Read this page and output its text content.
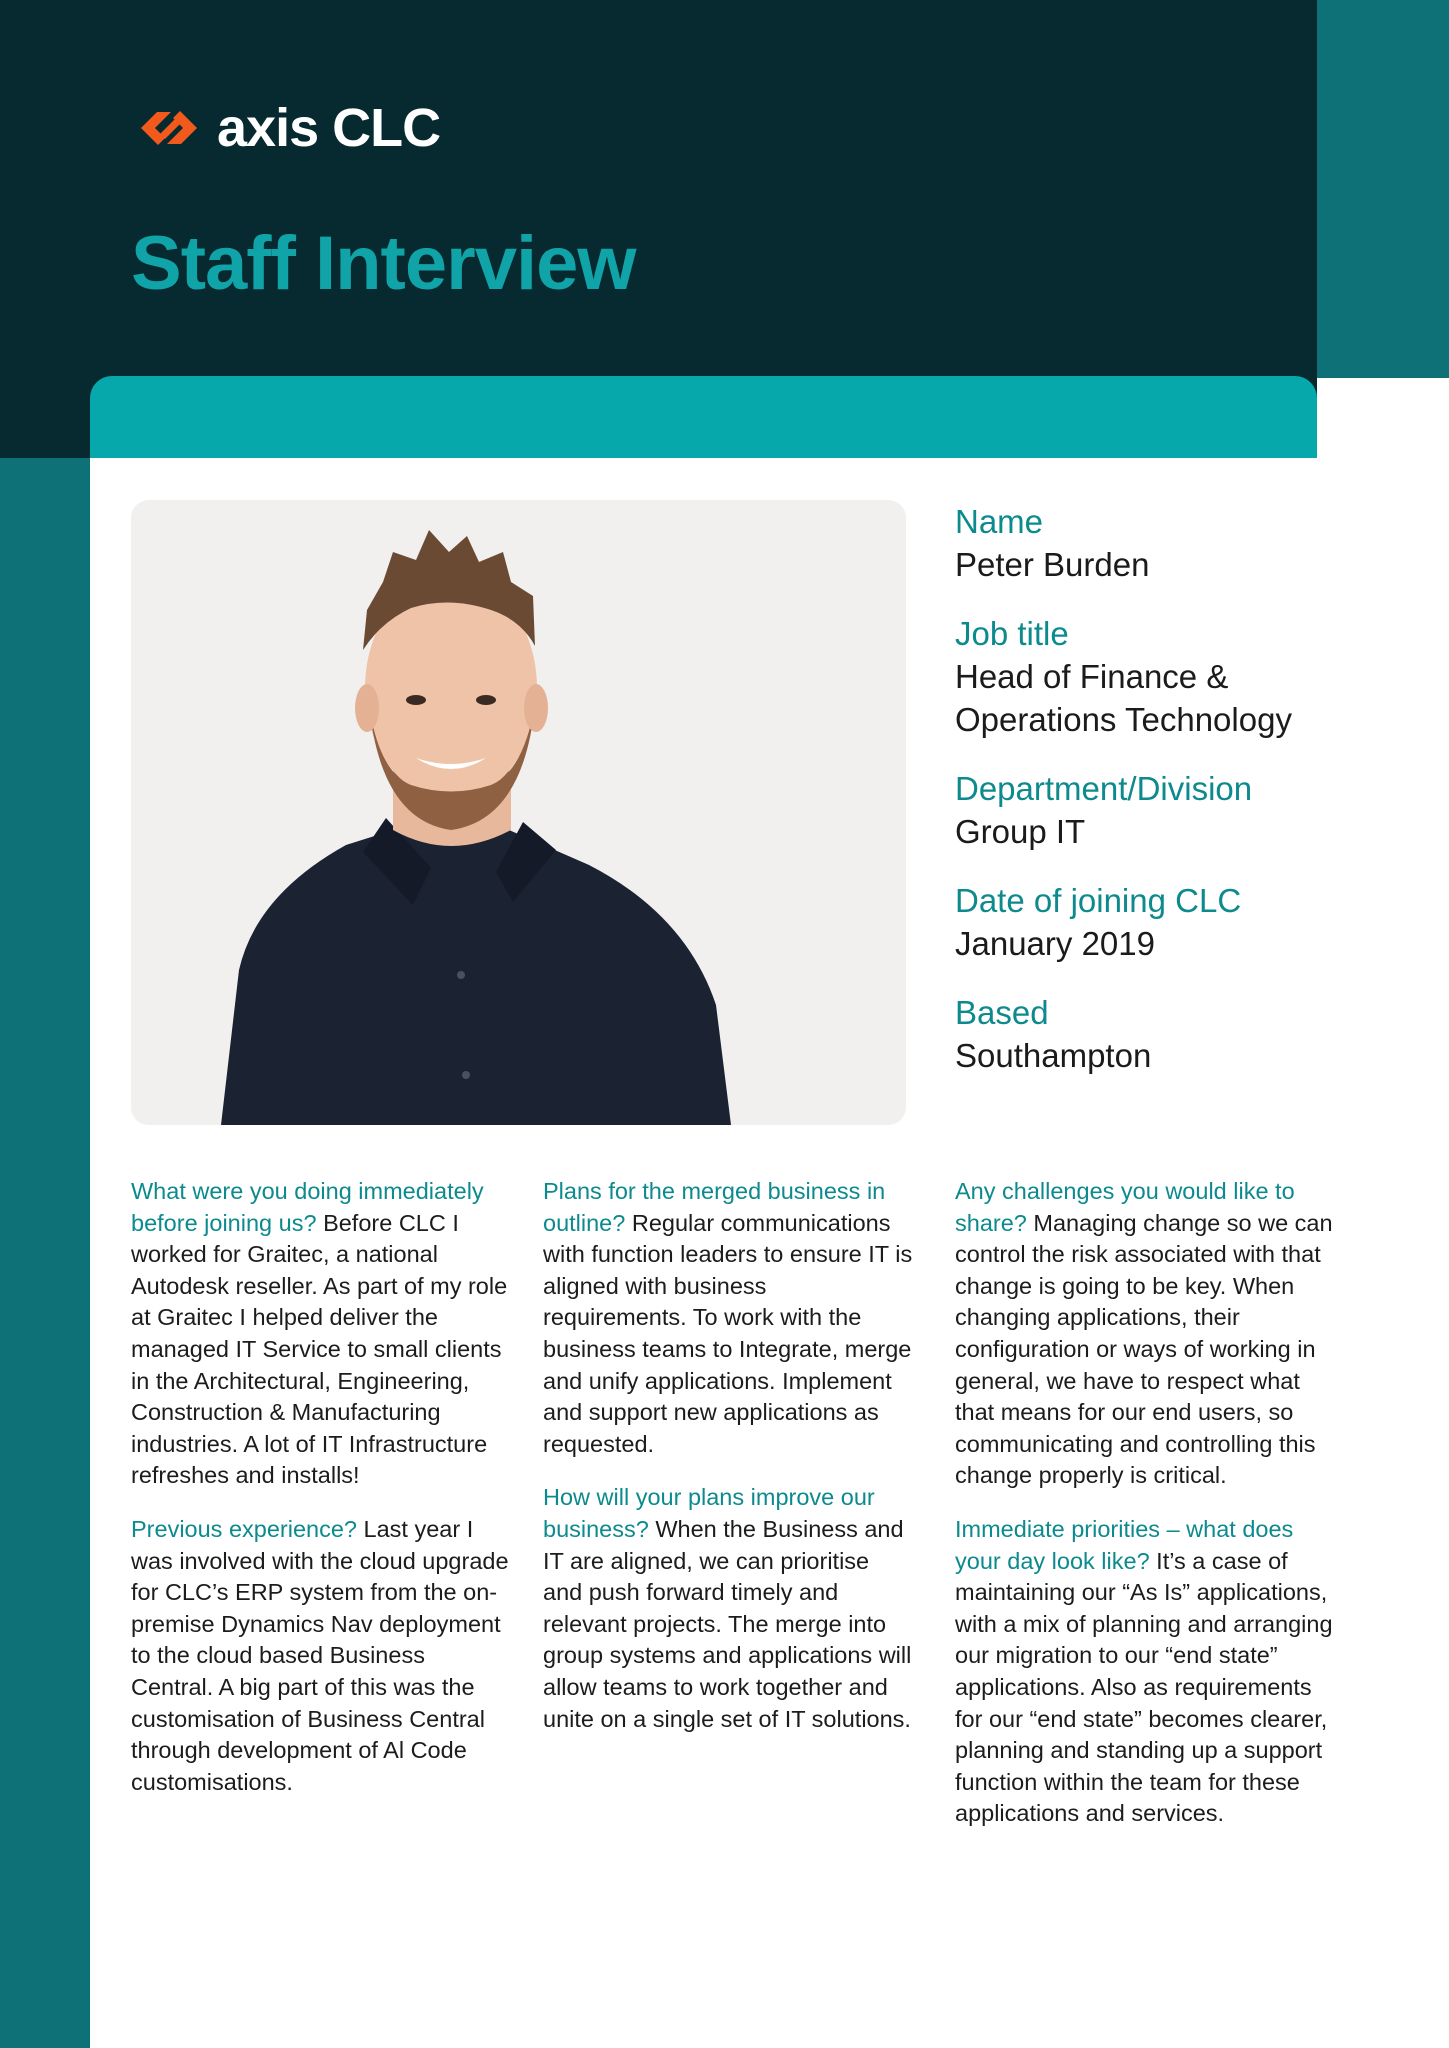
axis CLC
Staff Interview
Name
Peter Burden
Job title
Head of Finance &
Operations Technology
Department/Division
Group IT
Date of joining CLC
January 2019
Based
Southampton

What were you doing immediately before joining us? Before CLC I worked for Graitec, a national Autodesk reseller. As part of my role at Graitec I helped deliver the managed IT Service to small clients in the Architectural, Engineering, Construction & Manufacturing industries. A lot of IT Infrastructure refreshes and installs!

Previous experience? Last year I was involved with the cloud upgrade for CLC’s ERP system from the on-premise Dynamics Nav deployment to the cloud based Business Central. A big part of this was the customisation of Business Central through development of Al Code customisations.

Plans for the merged business in outline? Regular communications with function leaders to ensure IT is aligned with business requirements. To work with the business teams to Integrate, merge and unify applications. Implement and support new applications as requested.

How will your plans improve our business? When the Business and IT are aligned, we can prioritise and push forward timely and relevant projects. The merge into group systems and applications will allow teams to work together and unite on a single set of IT solutions.

Any challenges you would like to share? Managing change so we can control the risk associated with that change is going to be key. When changing applications, their configuration or ways of working in general, we have to respect what that means for our end users, so communicating and controlling this change properly is critical.

Immediate priorities – what does your day look like? It’s a case of maintaining our “As Is” applications, with a mix of planning and arranging our migration to our “end state” applications. Also as requirements for our “end state” becomes clearer, planning and standing up a support function within the team for these applications and services.
